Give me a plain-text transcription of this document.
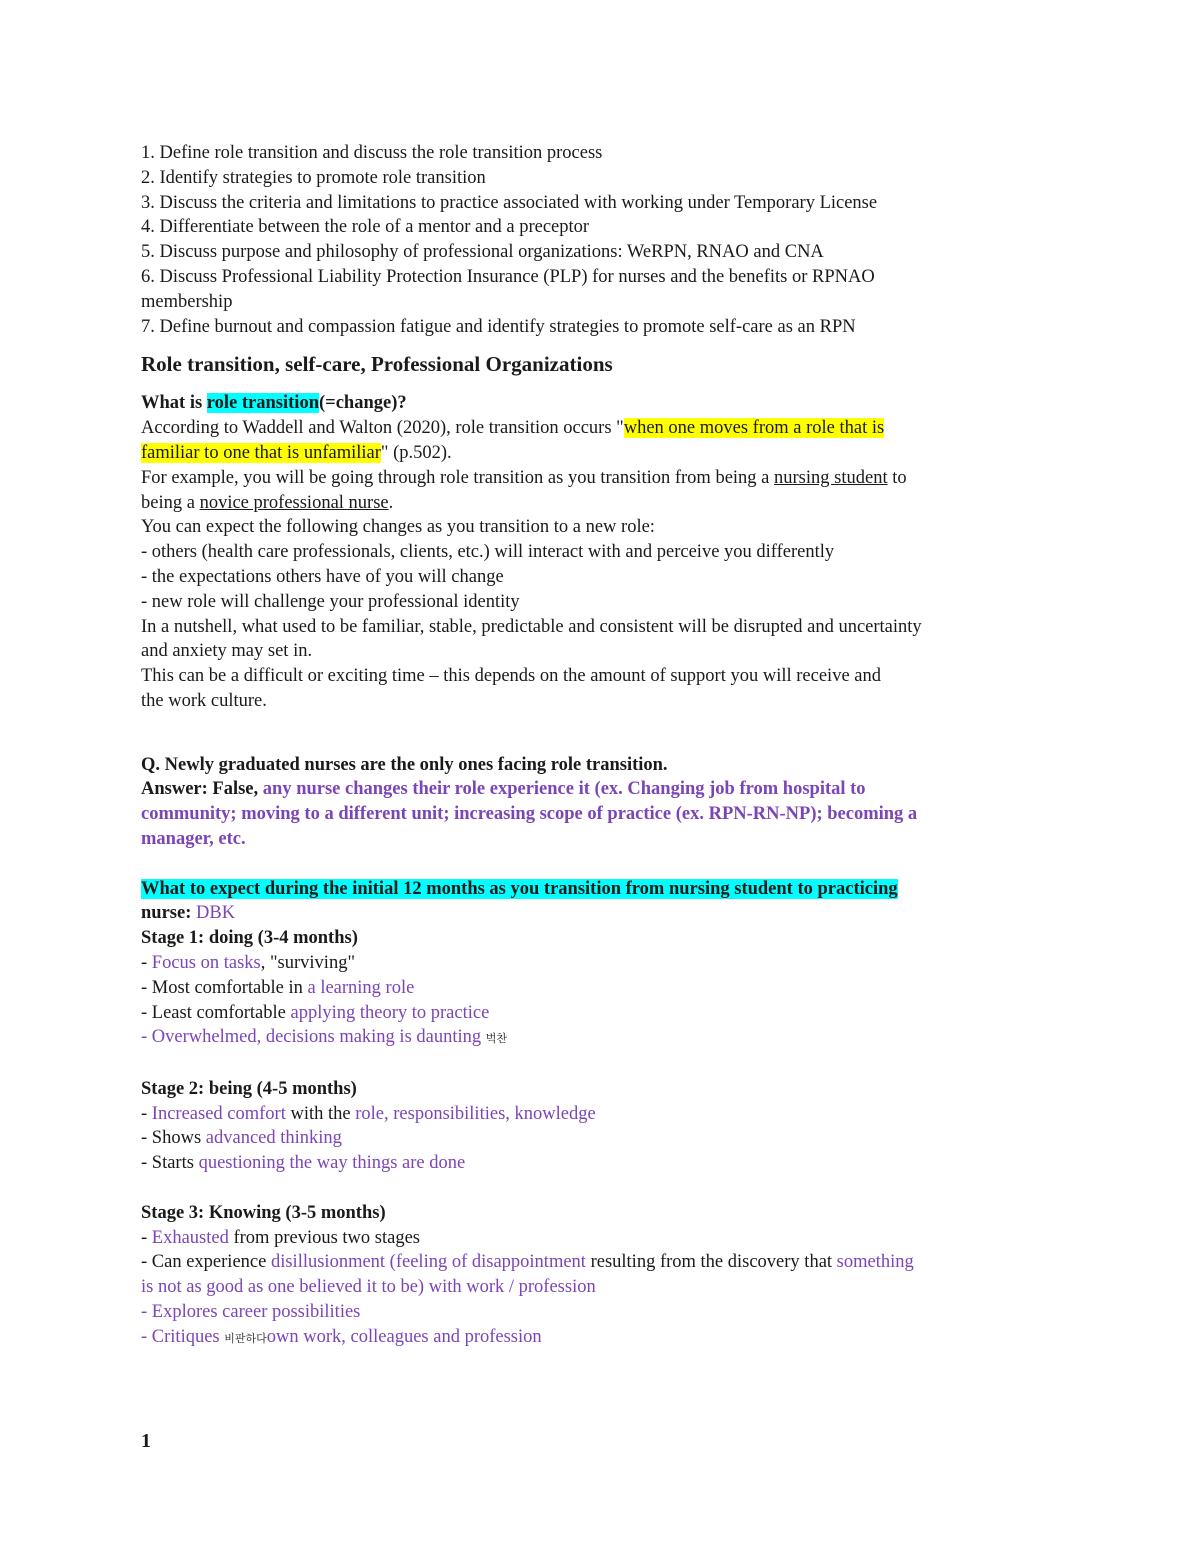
1. Define role transition and discuss the role transition process
2. Identify strategies to promote role transition
3. Discuss the criteria and limitations to practice associated with working under Temporary License
4. Differentiate between the role of a mentor and a preceptor
5. Discuss purpose and philosophy of professional organizations: WeRPN, RNAO and CNA
6. Discuss Professional Liability Protection Insurance (PLP) for nurses and the benefits or RPNAO
membership
7. Define burnout and compassion fatigue and identify strategies to promote self-care as an RPN
Role transition, self-care, Professional Organizations
What is role transition(=change)?
According to Waddell and Walton (2020), role transition occurs "when one moves from a role that is
familiar to one that is unfamiliar" (p.502).
For example, you will be going through role transition as you transition from being a nursing student to
being a novice professional nurse.
You can expect the following changes as you transition to a new role:
- others (health care professionals, clients, etc.) will interact with and perceive you differently
- the expectations others have of you will change
- new role will challenge your professional identity
In a nutshell, what used to be familiar, stable, predictable and consistent will be disrupted and uncertainty
and anxiety may set in.
This can be a difficult or exciting time – this depends on the amount of support you will receive and
the work culture.
Q. Newly graduated nurses are the only ones facing role transition.
Answer: False, any nurse changes their role experience it (ex. Changing job from hospital to
community; moving to a different unit; increasing scope of practice (ex. RPN-RN-NP); becoming a
manager, etc.
What to expect during the initial 12 months as you transition from nursing student to practicing
nurse: DBK
Stage 1: doing (3-4 months)
- Focus on tasks, "surviving"
- Most comfortable in a learning role
- Least comfortable applying theory to practice
- Overwhelmed, decisions making is daunting 벅찬
Stage 2: being (4-5 months)
- Increased comfort with the role, responsibilities, knowledge
- Shows advanced thinking
- Starts questioning the way things are done
Stage 3: Knowing (3-5 months)
- Exhausted from previous two stages
- Can experience disillusionment (feeling of disappointment resulting from the discovery that something
is not as good as one believed it to be) with work / profession
- Explores career possibilities
- Critiques 비판하다own work, colleagues and profession
1
